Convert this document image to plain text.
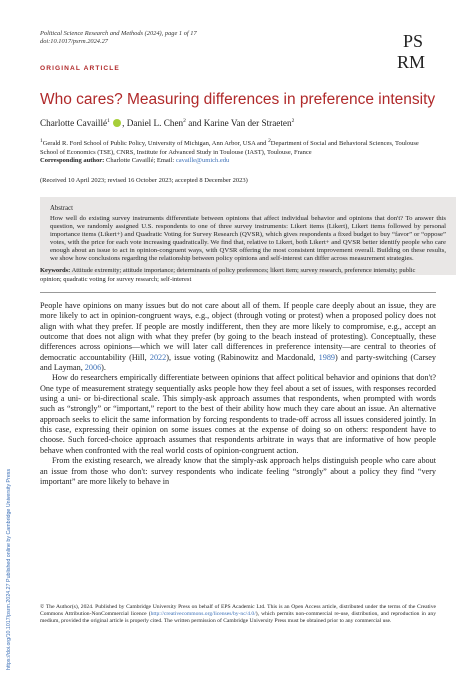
Political Science Research and Methods (2024), page 1 of 17
doi:10.1017/psrm.2024.27	PS
RM
ORIGINAL ARTICLE
Who cares? Measuring differences in preference intensity
Charlotte Cavaillé$^1$ , Daniel L. Chen$^2$ and Karine Van der Straeten$^2$
$^1$Gerald R. Ford School of Public Policy, University of Michigan, Ann Arbor, USA and $^2$Department of Social and Behavioral Sciences, Toulouse School of Economics (TSE), CNRS, Institute for Advanced Study in Toulouse (IAST), Toulouse, France
Corresponding author: Charlotte Cavaillé; Email: cavaille@umich.edu
(Received 10 April 2023; revised 16 October 2023; accepted 8 December 2023)
Abstract
How well do existing survey instruments differentiate between opinions that affect individual behavior and opinions that don't? To answer this question, we randomly assigned U.S. respondents to one of three survey instruments: Likert items (Likert), Likert items followed by personal importance items (Likert+) and Quadratic Voting for Survey Research (QVSR), which gives respondents a fixed budget to buy “favor” or “oppose” votes, with the price for each vote increasing quadratically. We find that, relative to Likert, both Likert+ and QVSR better identify people who care enough about an issue to act in opinion-congruent ways, with QVSR offering the most consistent improvement overall. Building on these results, we show how conclusions regarding the relationship between policy opinions and self-interest can differ across measurement strategies.
Keywords: Attitude extremity; attitude importance; determinants of policy preferences; likert item; survey research, preference intensity; public opinion; quadratic voting for survey research; self-interest

People have opinions on many issues but do not care about all of them. If people care deeply about an issue, they are more likely to act in opinion-congruent ways, e.g., object (through voting or protest) when a proposed policy does not align with what they prefer. If people are mostly indifferent, then they are more likely to compromise, e.g., accept an outcome that does not align with what they prefer (by going to the beach instead of protesting). Conceptually, these differences across opinions—which we will later call differences in preference intensity—are central to theories of democratic accountability (Hill, 2022), issue voting (Rabinowitz and Macdonald, 1989) and party-switching (Carsey and Layman, 2006).

How do researchers empirically differentiate between opinions that affect political behavior and opinions that don't? One type of measurement strategy sequentially asks people how they feel about a set of issues, with responses recorded using a uni- or bi-directional scale. This simply-ask approach assumes that respondents, when prompted with words such as “strongly” or “important,” report to the best of their ability how much they care about an issue. An alternative approach seeks to elicit the same information by forcing respondents to trade-off across all issues considered jointly. In this case, expressing their opinion on some issues comes at the expense of doing so on others: respondent have to choose. Such forced-choice approach assumes that respondents arbitrate in ways that are informative of how people behave when confronted with the real world costs of opinion-congruent action.

From the existing research, we already know that the simply-ask approach helps distinguish people who care about an issue from those who don't: survey respondents who indicate feeling “strongly” about a policy they find “very important” are more likely to behave in

© The Author(s), 2024. Published by Cambridge University Press on behalf of EPS Academic Ltd. This is an Open Access article, distributed under the terms of the Creative Commons Attribution-NonCommercial licence (http://creativecommons.org/licenses/by-nc/4.0/), which permits non-commercial re-use, distribution, and reproduction in any medium, provided the original article is properly cited. The written permission of Cambridge University Press must be obtained prior to any commercial use.
https://doi.org/10.1017/psrm.2024.27 Published online by Cambridge University Press
